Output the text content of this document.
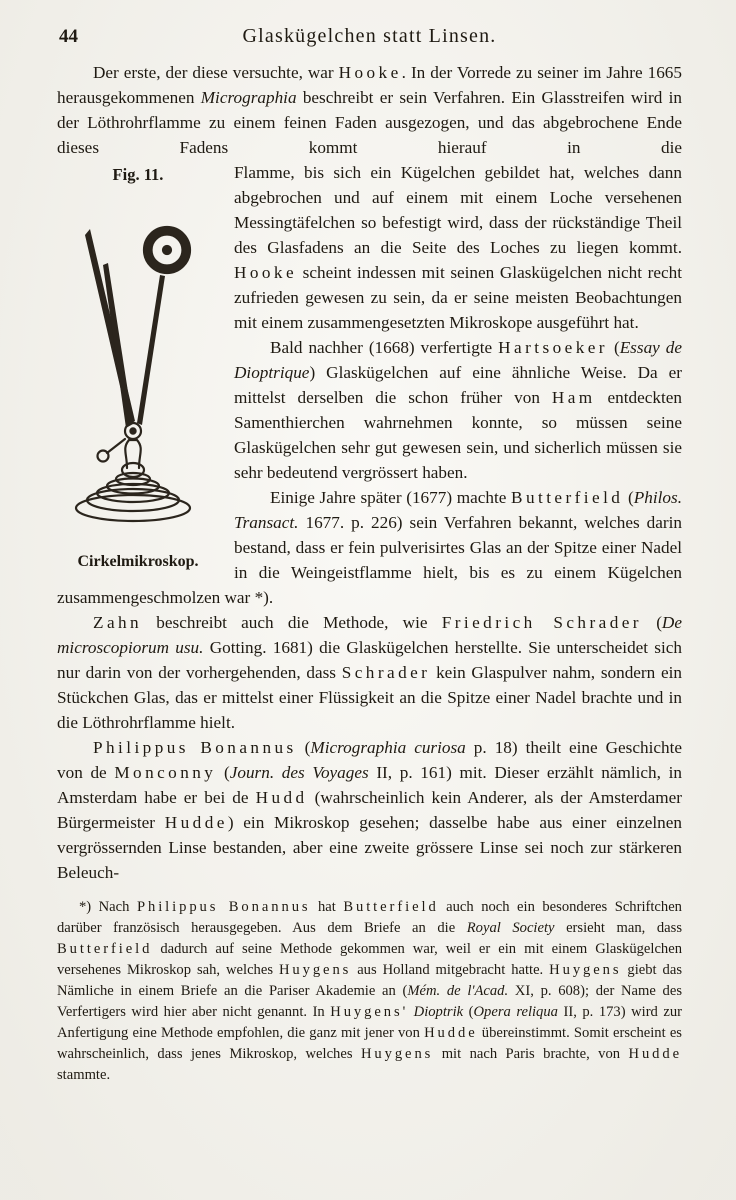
44	Glaskügelchen statt Linsen.

Der erste, der diese versuchte, war Hooke. In der Vorrede zu seiner im Jahre 1665 herausgekommenen Micrographia beschreibt er sein Verfahren. Ein Glasstreifen wird in der Löthrohrflamme zu einem feinen Faden ausgezogen, und das abgebrochene Ende dieses Fadens kommt hierauf in die

Fig. 11.
Cirkelmikroskop.

Flamme, bis sich ein Kügelchen gebildet hat, welches dann abgebrochen und auf einem mit einem Loche versehenen Messingtäfelchen so befestigt wird, dass der rückständige Theil des Glasfadens an die Seite des Loches zu liegen kommt. Hooke scheint indessen mit seinen Glaskügelchen nicht recht zufrieden gewesen zu sein, da er seine meisten Beobachtungen mit einem zusammengesetzten Mikroskope ausgeführt hat.

Bald nachher (1668) verfertigte Hartsoeker (Essay de Dioptrique) Glaskügelchen auf eine ähnliche Weise. Da er mittelst derselben die schon früher von Ham entdeckten Samenthierchen wahrnehmen konnte, so müssen seine Glaskügelchen sehr gut gewesen sein, und sicherlich müssen sie sehr bedeutend vergrössert haben.

Einige Jahre später (1677) machte Butterfield (Philos. Transact. 1677. p. 226) sein Verfahren bekannt, welches darin bestand, dass er fein pulverisirtes Glas an der Spitze einer Nadel in die Weingeistflamme hielt, bis es zu einem Kügelchen zusammengeschmolzen war *).

Zahn beschreibt auch die Methode, wie Friedrich Schrader (De microscopiorum usu. Gotting. 1681) die Glaskügelchen herstellte. Sie unterscheidet sich nur darin von der vorhergehenden, dass Schrader kein Glaspulver nahm, sondern ein Stückchen Glas, das er mittelst einer Flüssigkeit an die Spitze einer Nadel brachte und in die Löthrohrflamme hielt.

Philippus Bonannus (Micrographia curiosa p. 18) theilt eine Geschichte von de Monconny (Journ. des Voyages II, p. 161) mit. Dieser erzählt nämlich, in Amsterdam habe er bei de Hudd (wahrscheinlich kein Anderer, als der Amsterdamer Bürgermeister Hudde) ein Mikroskop gesehen; dasselbe habe aus einer einzelnen vergrössernden Linse bestanden, aber eine zweite grössere Linse sei noch zur stärkeren Beleuch-

*) Nach Philippus Bonannus hat Butterfield auch noch ein besonderes Schriftchen darüber französisch herausgegeben. Aus dem Briefe an die Royal Society ersieht man, dass Butterfield dadurch auf seine Methode gekommen war, weil er ein mit einem Glaskügelchen versehenes Mikroskop sah, welches Huygens aus Holland mitgebracht hatte. Huygens giebt das Nämliche in einem Briefe an die Pariser Akademie an (Mém. de l'Acad. XI, p. 608); der Name des Verfertigers wird hier aber nicht genannt. In Huygens' Dioptrik (Opera reliqua II, p. 173) wird zur Anfertigung eine Methode empfohlen, die ganz mit jener von Hudde übereinstimmt. Somit erscheint es wahrscheinlich, dass jenes Mikroskop, welches Huygens mit nach Paris brachte, von Hudde stammte.
